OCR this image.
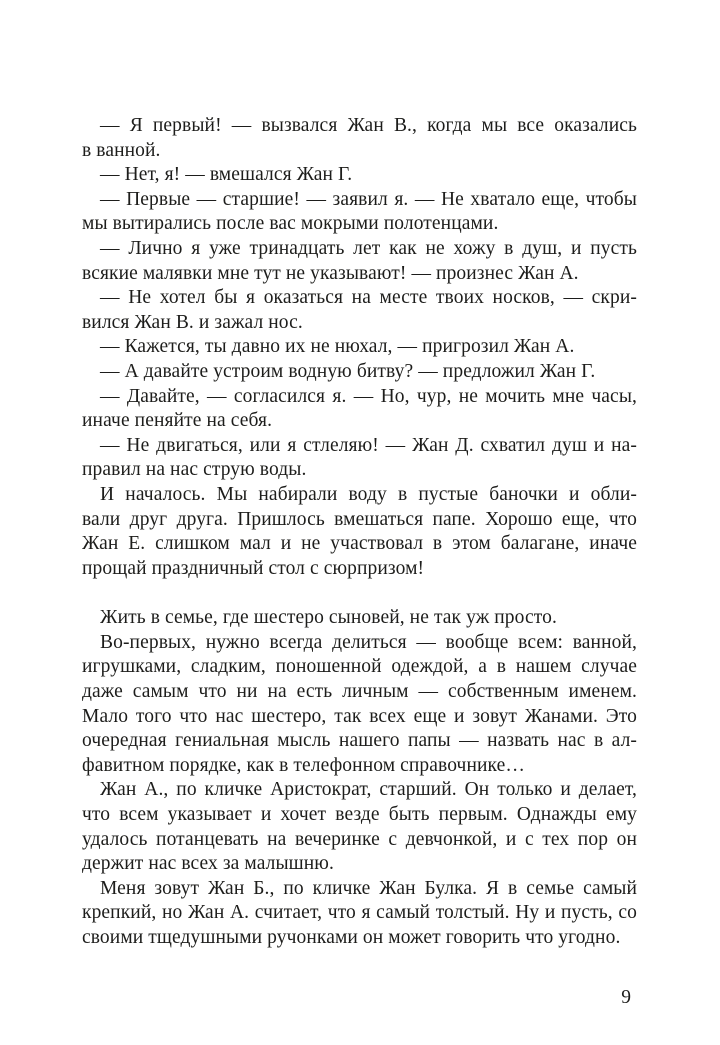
— Я первый! — вызвался Жан В., когда мы все оказались
в ванной.
— Нет, я! — вмешался Жан Г.
— Первые — старшие! — заявил я. — Не хватало еще, чтобы
мы вытирались после вас мокрыми полотенцами.
— Лично я уже тринадцать лет как не хожу в душ, и пусть
всякие малявки мне тут не указывают! — произнес Жан А.
— Не хотел бы я оказаться на месте твоих носков, — скри-
вился Жан В. и зажал нос.
— Кажется, ты давно их не нюхал, — пригрозил Жан А.
— А давайте устроим водную битву? — предложил Жан Г.
— Давайте, — согласился я. — Но, чур, не мочить мне часы,
иначе пеняйте на себя.
— Не двигаться, или я стлеляю! — Жан Д. схватил душ и на-
правил на нас струю воды.
И началось. Мы набирали воду в пустые баночки и обли-
вали друг друга. Пришлось вмешаться папе. Хорошо еще, что
Жан Е. слишком мал и не участвовал в этом балагане, иначе
прощай праздничный стол с сюрпризом!
Жить в семье, где шестеро сыновей, не так уж просто.
Во-первых, нужно всегда делиться — вообще всем: ванной,
игрушками, сладким, поношенной одеждой, а в нашем случае
даже самым что ни на есть личным — собственным именем.
Мало того что нас шестеро, так всех еще и зовут Жанами. Это
очередная гениальная мысль нашего папы — назвать нас в ал-
фавитном порядке, как в телефонном справочнике…
Жан А., по кличке Аристократ, старший. Он только и делает,
что всем указывает и хочет везде быть первым. Однажды ему
удалось потанцевать на вечеринке с девчонкой, и с тех пор он
держит нас всех за малышню.
Меня зовут Жан Б., по кличке Жан Булка. Я в семье самый
крепкий, но Жан А. считает, что я самый толстый. Ну и пусть, со
своими тщедушными ручонками он может говорить что угодно.
9
